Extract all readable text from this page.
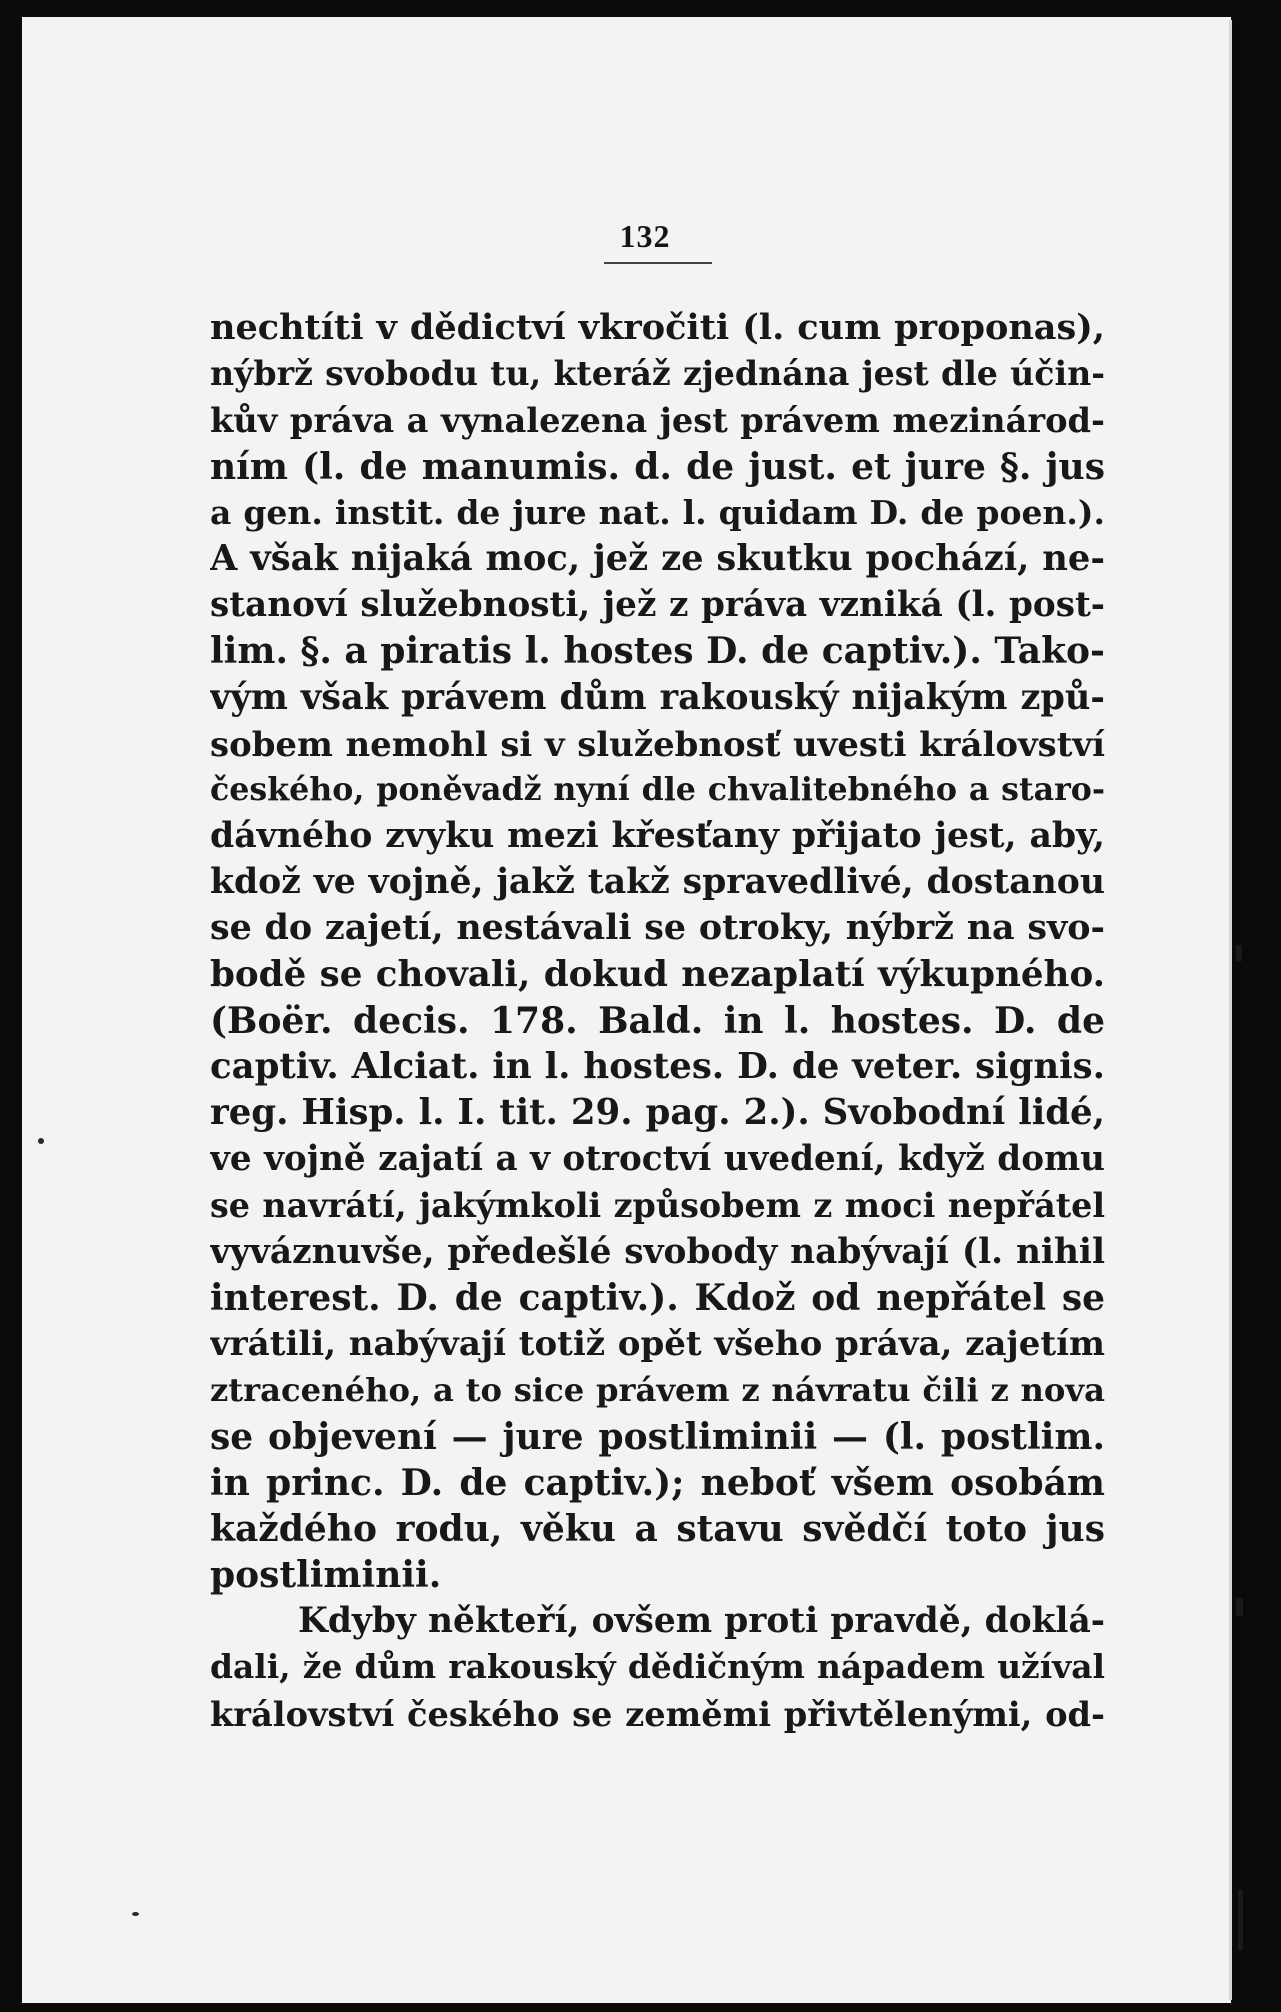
132
nechtíti v dědictví vkročiti (l. cum proponas),
nýbrž svobodu tu, kteráž zjednána jest dle účin-
kův práva a vynalezena jest právem mezinárod-
ním (l. de manumis. d. de just. et jure §. jus
a gen. instit. de jure nat. l. quidam D. de poen.).
A však nijaká moc, jež ze skutku pochází, ne-
stanoví služebnosti, jež z práva vzniká (l. post-
lim. §. a piratis l. hostes D. de captiv.). Tako-
vým však právem dům rakouský nijakým způ-
sobem nemohl si v služebnosť uvesti království
českého, poněvadž nyní dle chvalitebného a staro-
dávného zvyku mezi křesťany přijato jest, aby,
kdož ve vojně, jakž takž spravedlivé, dostanou
se do zajetí, nestávali se otroky, nýbrž na svo-
bodě se chovali, dokud nezaplatí výkupného.
(Boër. decis. 178. Bald. in l. hostes. D. de
captiv. Alciat. in l. hostes. D. de veter. signis.
reg. Hisp. l. I. tit. 29. pag. 2.). Svobodní lidé,
ve vojně zajatí a v otroctví uvedení, když domu
se navrátí, jakýmkoli způsobem z moci nepřátel
vyváznuvše, předešlé svobody nabývají (l. nihil
interest. D. de captiv.). Kdož od nepřátel se
vrátili, nabývají totiž opět všeho práva, zajetím
ztraceného, a to sice právem z návratu čili z nova
se objevení — jure postliminii — (l. postlim.
in princ. D. de captiv.); neboť všem osobám
každého rodu, věku a stavu svědčí toto jus
postliminii.
Kdyby někteří, ovšem proti pravdě, doklá-
dali, že dům rakouský dědičným nápadem užíval
království českého se zeměmi přivtělenými, od-
